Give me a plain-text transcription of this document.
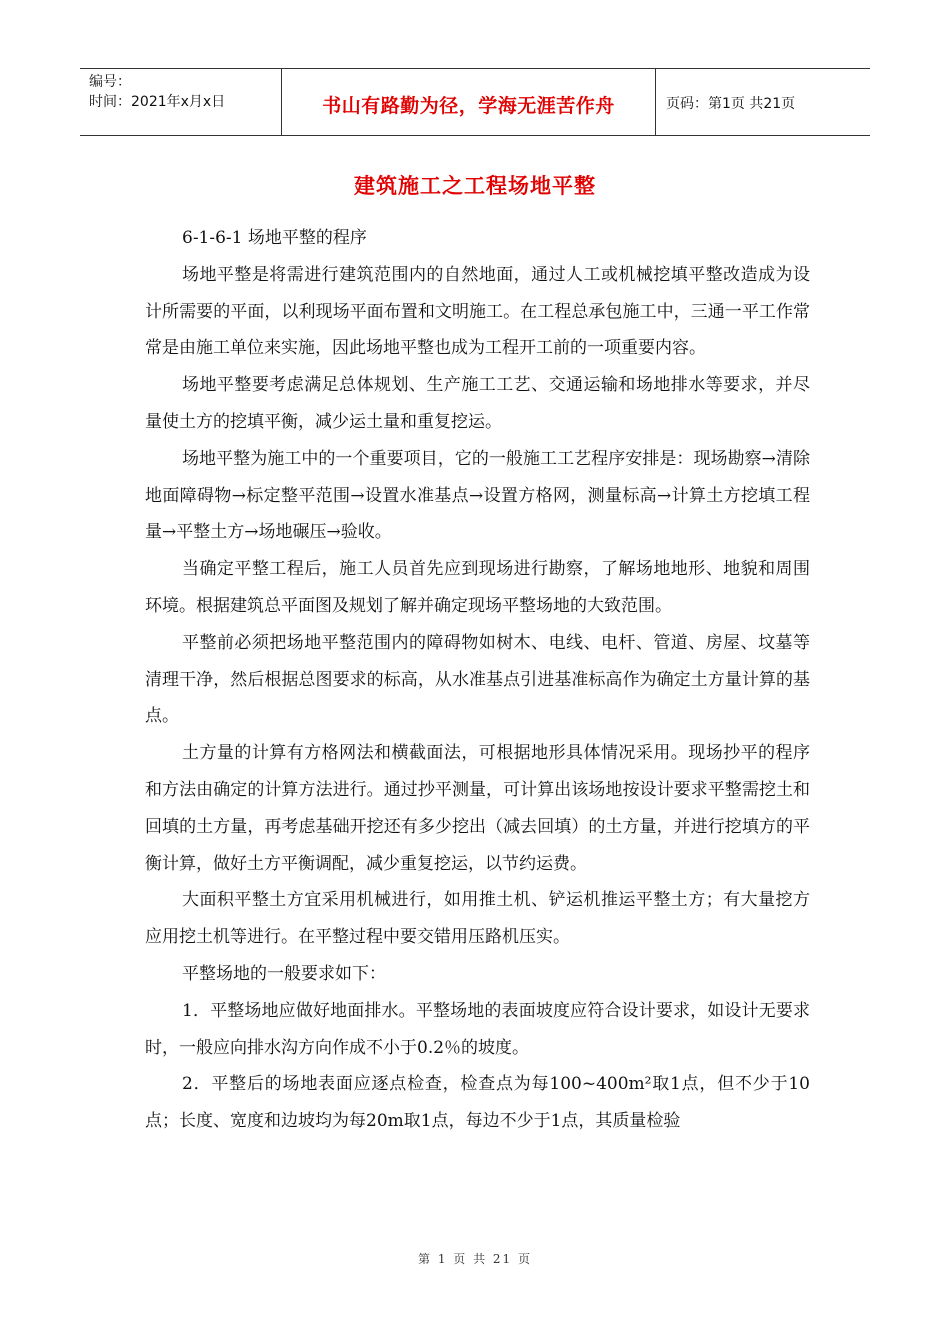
编号：
时间：2021年x月x日	书山有路勤为径，学海无涯苦作舟	页码：第1页 共21页
建筑施工之工程场地平整

6-1-6-1 场地平整的程序

场地平整是将需进行建筑范围内的自然地面，通过人工或机械挖填平整改造成为设计所需要的平面，以利现场平面布置和文明施工。在工程总承包施工中，三通一平工作常常是由施工单位来实施，因此场地平整也成为工程开工前的一项重要内容。

场地平整要考虑满足总体规划、生产施工工艺、交通运输和场地排水等要求，并尽量使土方的挖填平衡，减少运土量和重复挖运。

场地平整为施工中的一个重要项目，它的一般施工工艺程序安排是：现场勘察→清除地面障碍物→标定整平范围→设置水准基点→设置方格网，测量标高→计算土方挖填工程量→平整土方→场地碾压→验收。

当确定平整工程后，施工人员首先应到现场进行勘察，了解场地地形、地貌和周围环境。根据建筑总平面图及规划了解并确定现场平整场地的大致范围。

平整前必须把场地平整范围内的障碍物如树木、电线、电杆、管道、房屋、坟墓等清理干净，然后根据总图要求的标高，从水准基点引进基准标高作为确定土方量计算的基点。

土方量的计算有方格网法和横截面法，可根据地形具体情况采用。现场抄平的程序和方法由确定的计算方法进行。通过抄平测量，可计算出该场地按设计要求平整需挖土和回填的土方量，再考虑基础开挖还有多少挖出（减去回填）的土方量，并进行挖填方的平衡计算，做好土方平衡调配，减少重复挖运，以节约运费。

大面积平整土方宜采用机械进行，如用推土机、铲运机推运平整土方；有大量挖方应用挖土机等进行。在平整过程中要交错用压路机压实。

平整场地的一般要求如下：

1．平整场地应做好地面排水。平整场地的表面坡度应符合设计要求，如设计无要求时，一般应向排水沟方向作成不小于0.2％的坡度。

2．平整后的场地表面应逐点检查，检查点为每100~400m²取1点，但不少于10点；长度、宽度和边坡均为每20m取1点，每边不少于1点，其质量检验

第 1 页 共 21 页
